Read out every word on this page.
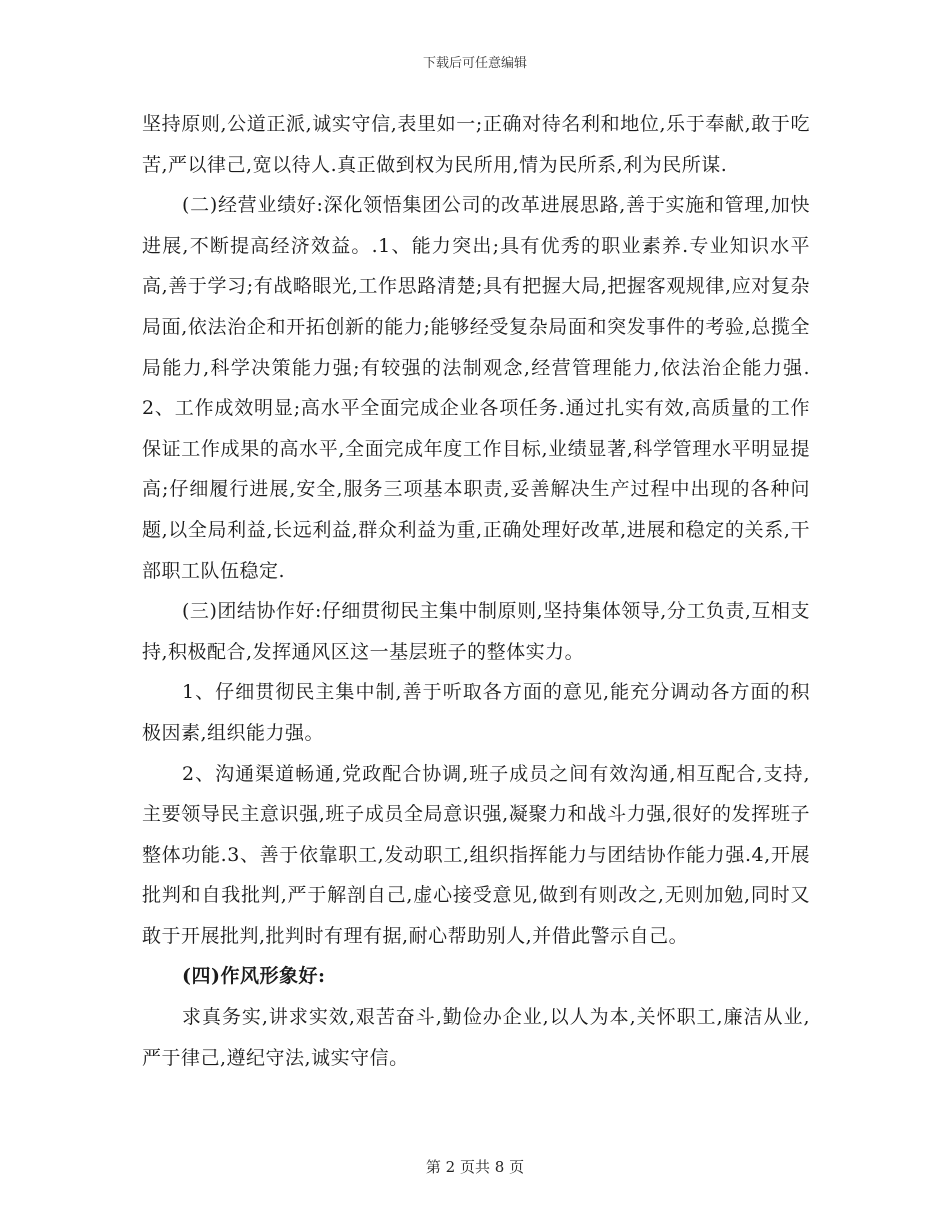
下载后可任意编辑

坚持原则,公道正派,诚实守信,表里如一;正确对待名利和地位,乐于奉献,敢于吃苦,严以律己,宽以待人.真正做到权为民所用,情为民所系,利为民所谋.

(二)经营业绩好:深化领悟集团公司的改革进展思路,善于实施和管理,加快进展,不断提高经济效益。.1、能力突出;具有优秀的职业素养.专业知识水平高,善于学习;有战略眼光,工作思路清楚;具有把握大局,把握客观规律,应对复杂局面,依法治企和开拓创新的能力;能够经受复杂局面和突发事件的考验,总揽全局能力,科学决策能力强;有较强的法制观念,经营管理能力,依法治企能力强.2、工作成效明显;高水平全面完成企业各项任务.通过扎实有效,高质量的工作保证工作成果的高水平,全面完成年度工作目标,业绩显著,科学管理水平明显提高;仔细履行进展,安全,服务三项基本职责,妥善解决生产过程中出现的各种问题,以全局利益,长远利益,群众利益为重,正确处理好改革,进展和稳定的关系,干部职工队伍稳定.

(三)团结协作好:仔细贯彻民主集中制原则,坚持集体领导,分工负责,互相支持,积极配合,发挥通风区这一基层班子的整体实力。

1、仔细贯彻民主集中制,善于听取各方面的意见,能充分调动各方面的积极因素,组织能力强。

2、沟通渠道畅通,党政配合协调,班子成员之间有效沟通,相互配合,支持,主要领导民主意识强,班子成员全局意识强,凝聚力和战斗力强,很好的发挥班子整体功能.3、善于依靠职工,发动职工,组织指挥能力与团结协作能力强.4,开展批判和自我批判,严于解剖自己,虚心接受意见,做到有则改之,无则加勉,同时又敢于开展批判,批判时有理有据,耐心帮助别人,并借此警示自己。

(四)作风形象好:

求真务实,讲求实效,艰苦奋斗,勤俭办企业,以人为本,关怀职工,廉洁从业,严于律己,遵纪守法,诚实守信。

第 2 页共 8 页
